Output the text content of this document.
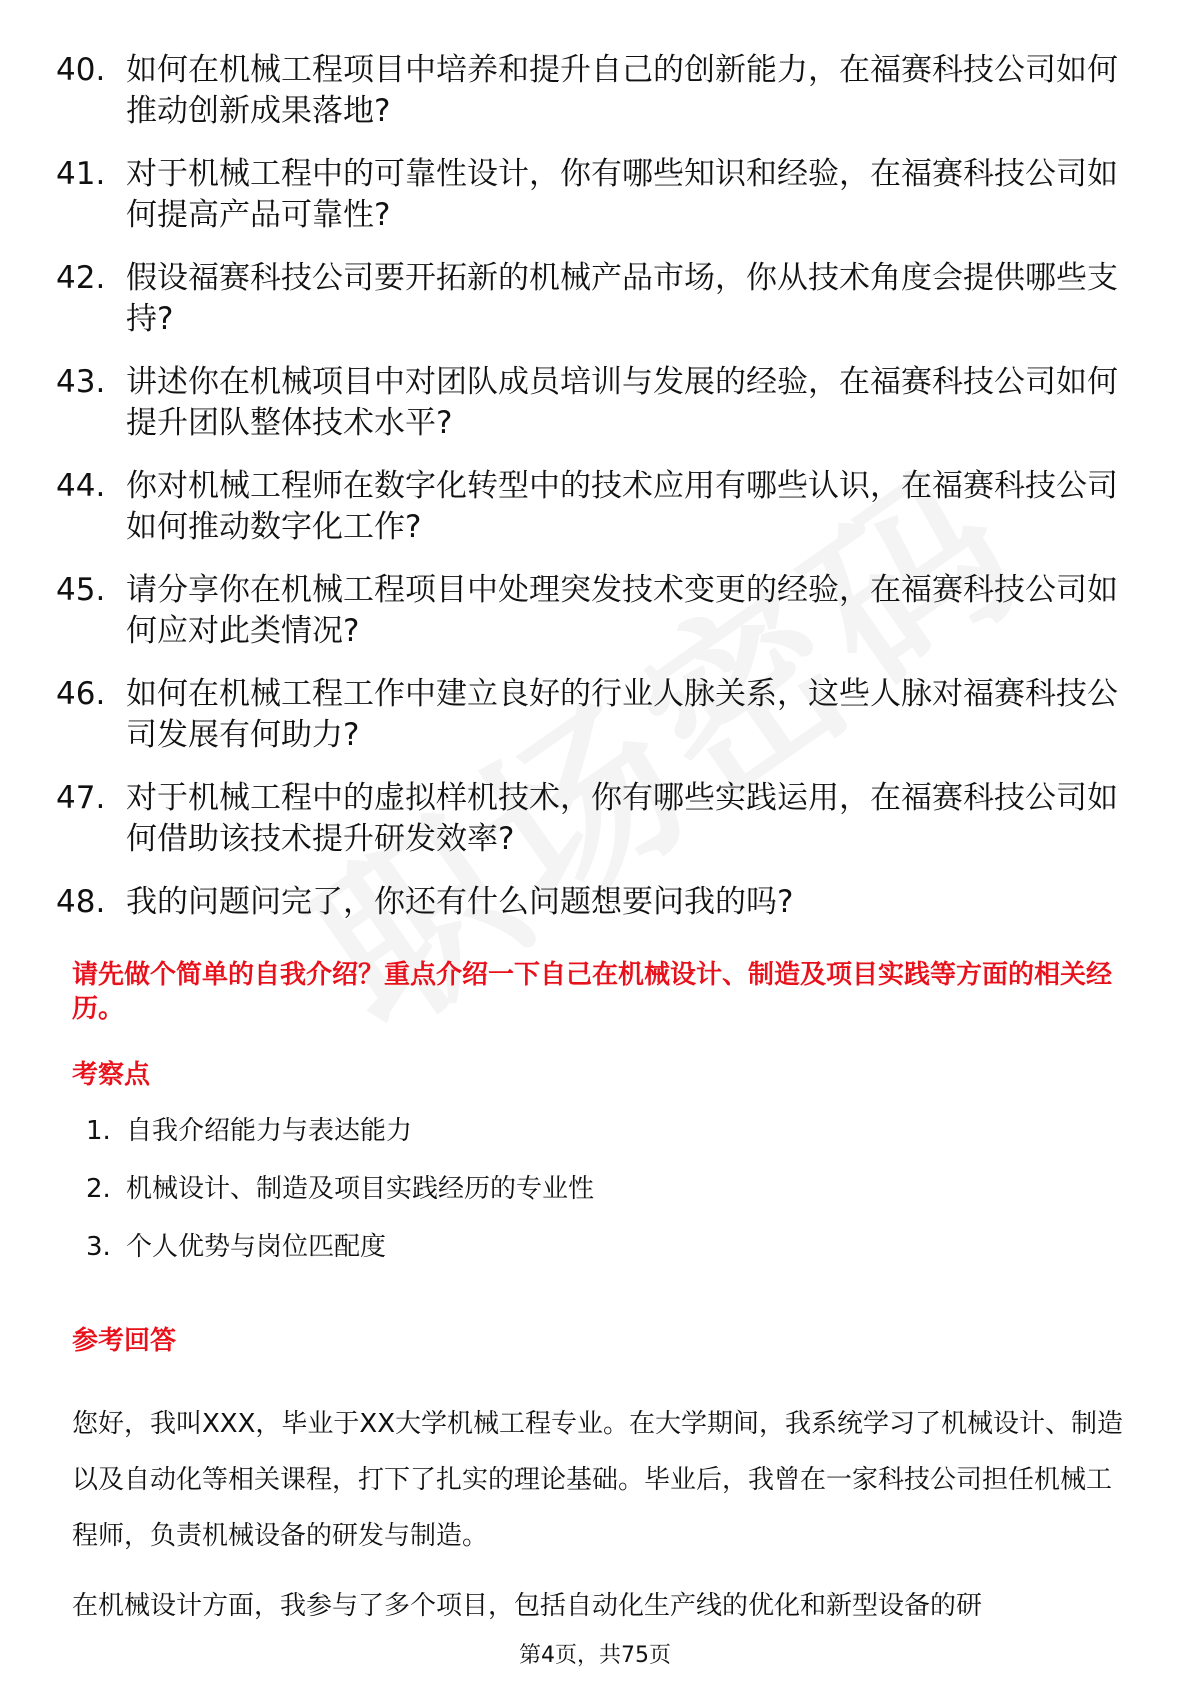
40. 如何在机械工程项目中培养和提升自己的创新能力，在福赛科技公司如何推动创新成果落地?
41. 对于机械工程中的可靠性设计，你有哪些知识和经验，在福赛科技公司如何提高产品可靠性?
42. 假设福赛科技公司要开拓新的机械产品市场，你从技术角度会提供哪些支持?
43. 讲述你在机械项目中对团队成员培训与发展的经验，在福赛科技公司如何提升团队整体技术水平?
44. 你对机械工程师在数字化转型中的技术应用有哪些认识，在福赛科技公司如何推动数字化工作?
45. 请分享你在机械工程项目中处理突发技术变更的经验，在福赛科技公司如何应对此类情况?
46. 如何在机械工程工作中建立良好的行业人脉关系，这些人脉对福赛科技公司发展有何助力?
47. 对于机械工程中的虚拟样机技术，你有哪些实践运用，在福赛科技公司如何借助该技术提升研发效率?
48. 我的问题问完了，你还有什么问题想要问我的吗?
请先做个简单的自我介绍？重点介绍一下自己在机械设计、制造及项目实践等方面的相关经历。
考察点
1. 自我介绍能力与表达能力
2. 机械设计、制造及项目实践经历的专业性
3. 个人优势与岗位匹配度
参考回答

您好，我叫XXX，毕业于XX大学机械工程专业。在大学期间，我系统学习了机械设计、制造以及自动化等相关课程，打下了扎实的理论基础。毕业后，我曾在一家科技公司担任机械工程师，负责机械设备的研发与制造。

在机械设计方面，我参与了多个项目，包括自动化生产线的优化和新型设备的研

第4页，共75页
